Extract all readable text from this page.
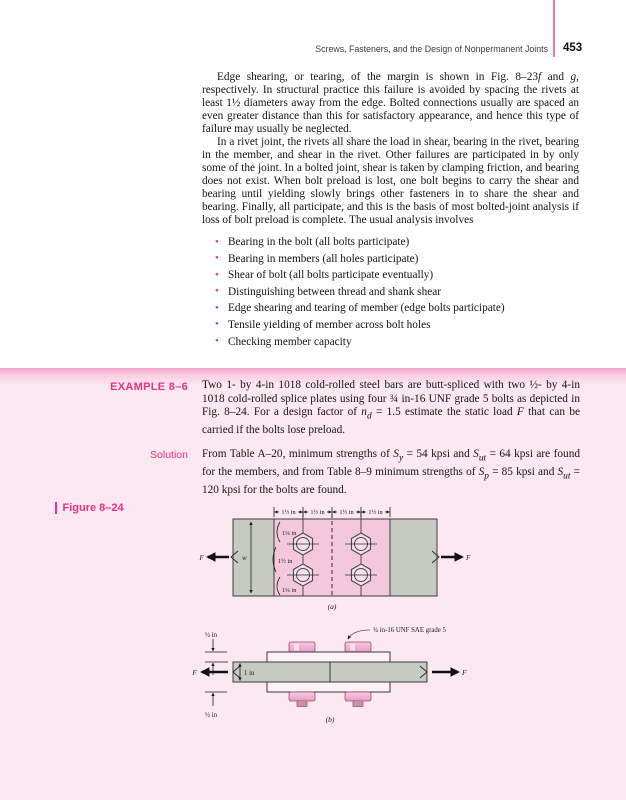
Screws, Fasteners, and the Design of Nonpermanent Joints 453

Edge shearing, or tearing, of the margin is shown in Fig. 8–23f and g, respectively. In structural practice this failure is avoided by spacing the rivets at least 1½ diameters away from the edge. Bolted connections usually are spaced an even greater distance than this for satisfactory appearance, and hence this type of failure may usually be neglected.

In a rivet joint, the rivets all share the load in shear, bearing in the rivet, bearing in the member, and shear in the rivet. Other failures are participated in by only some of the joint. In a bolted joint, shear is taken by clamping friction, and bearing does not exist. When bolt preload is lost, one bolt begins to carry the shear and bearing until yielding slowly brings other fasteners in to share the shear and bearing. Finally, all participate, and this is the basis of most bolted-joint analysis if loss of bolt preload is complete. The usual analysis involves

• Bearing in the bolt (all bolts participate)
• Bearing in members (all holes participate)
• Shear of bolt (all bolts participate eventually)
• Distinguishing between thread and shank shear
• Edge shearing and tearing of member (edge bolts participate)
• Tensile yielding of member across bolt holes
• Checking member capacity
EXAMPLE 8–6 Two 1- by 4-in 1018 cold-rolled steel bars are butt-spliced with two ½- by 4-in 1018 cold-rolled splice plates using four ¾ in-16 UNF grade 5 bolts as depicted in Fig. 8–24. For a design factor of $n_d = 1.5$ estimate the static load F that can be carried if the bolts lose preload.
Solution From Table A–20, minimum strengths of $S_y = 54$ kpsi and $S_{ut} = 64$ kpsi are found for the members, and from Table 8–9 minimum strengths of $S_p = 85$ kpsi and $S_{ut} = 120$ kpsi for the bolts are found.
Figure 8–24
w
1½ in 1½ in 1½ in 1½ in
1¼ in
1½ in
1¼ in
F	F
(a)
¾ in-16 UNF SAE grade 5
½ in
1 in
½ in
F	F
(b)
